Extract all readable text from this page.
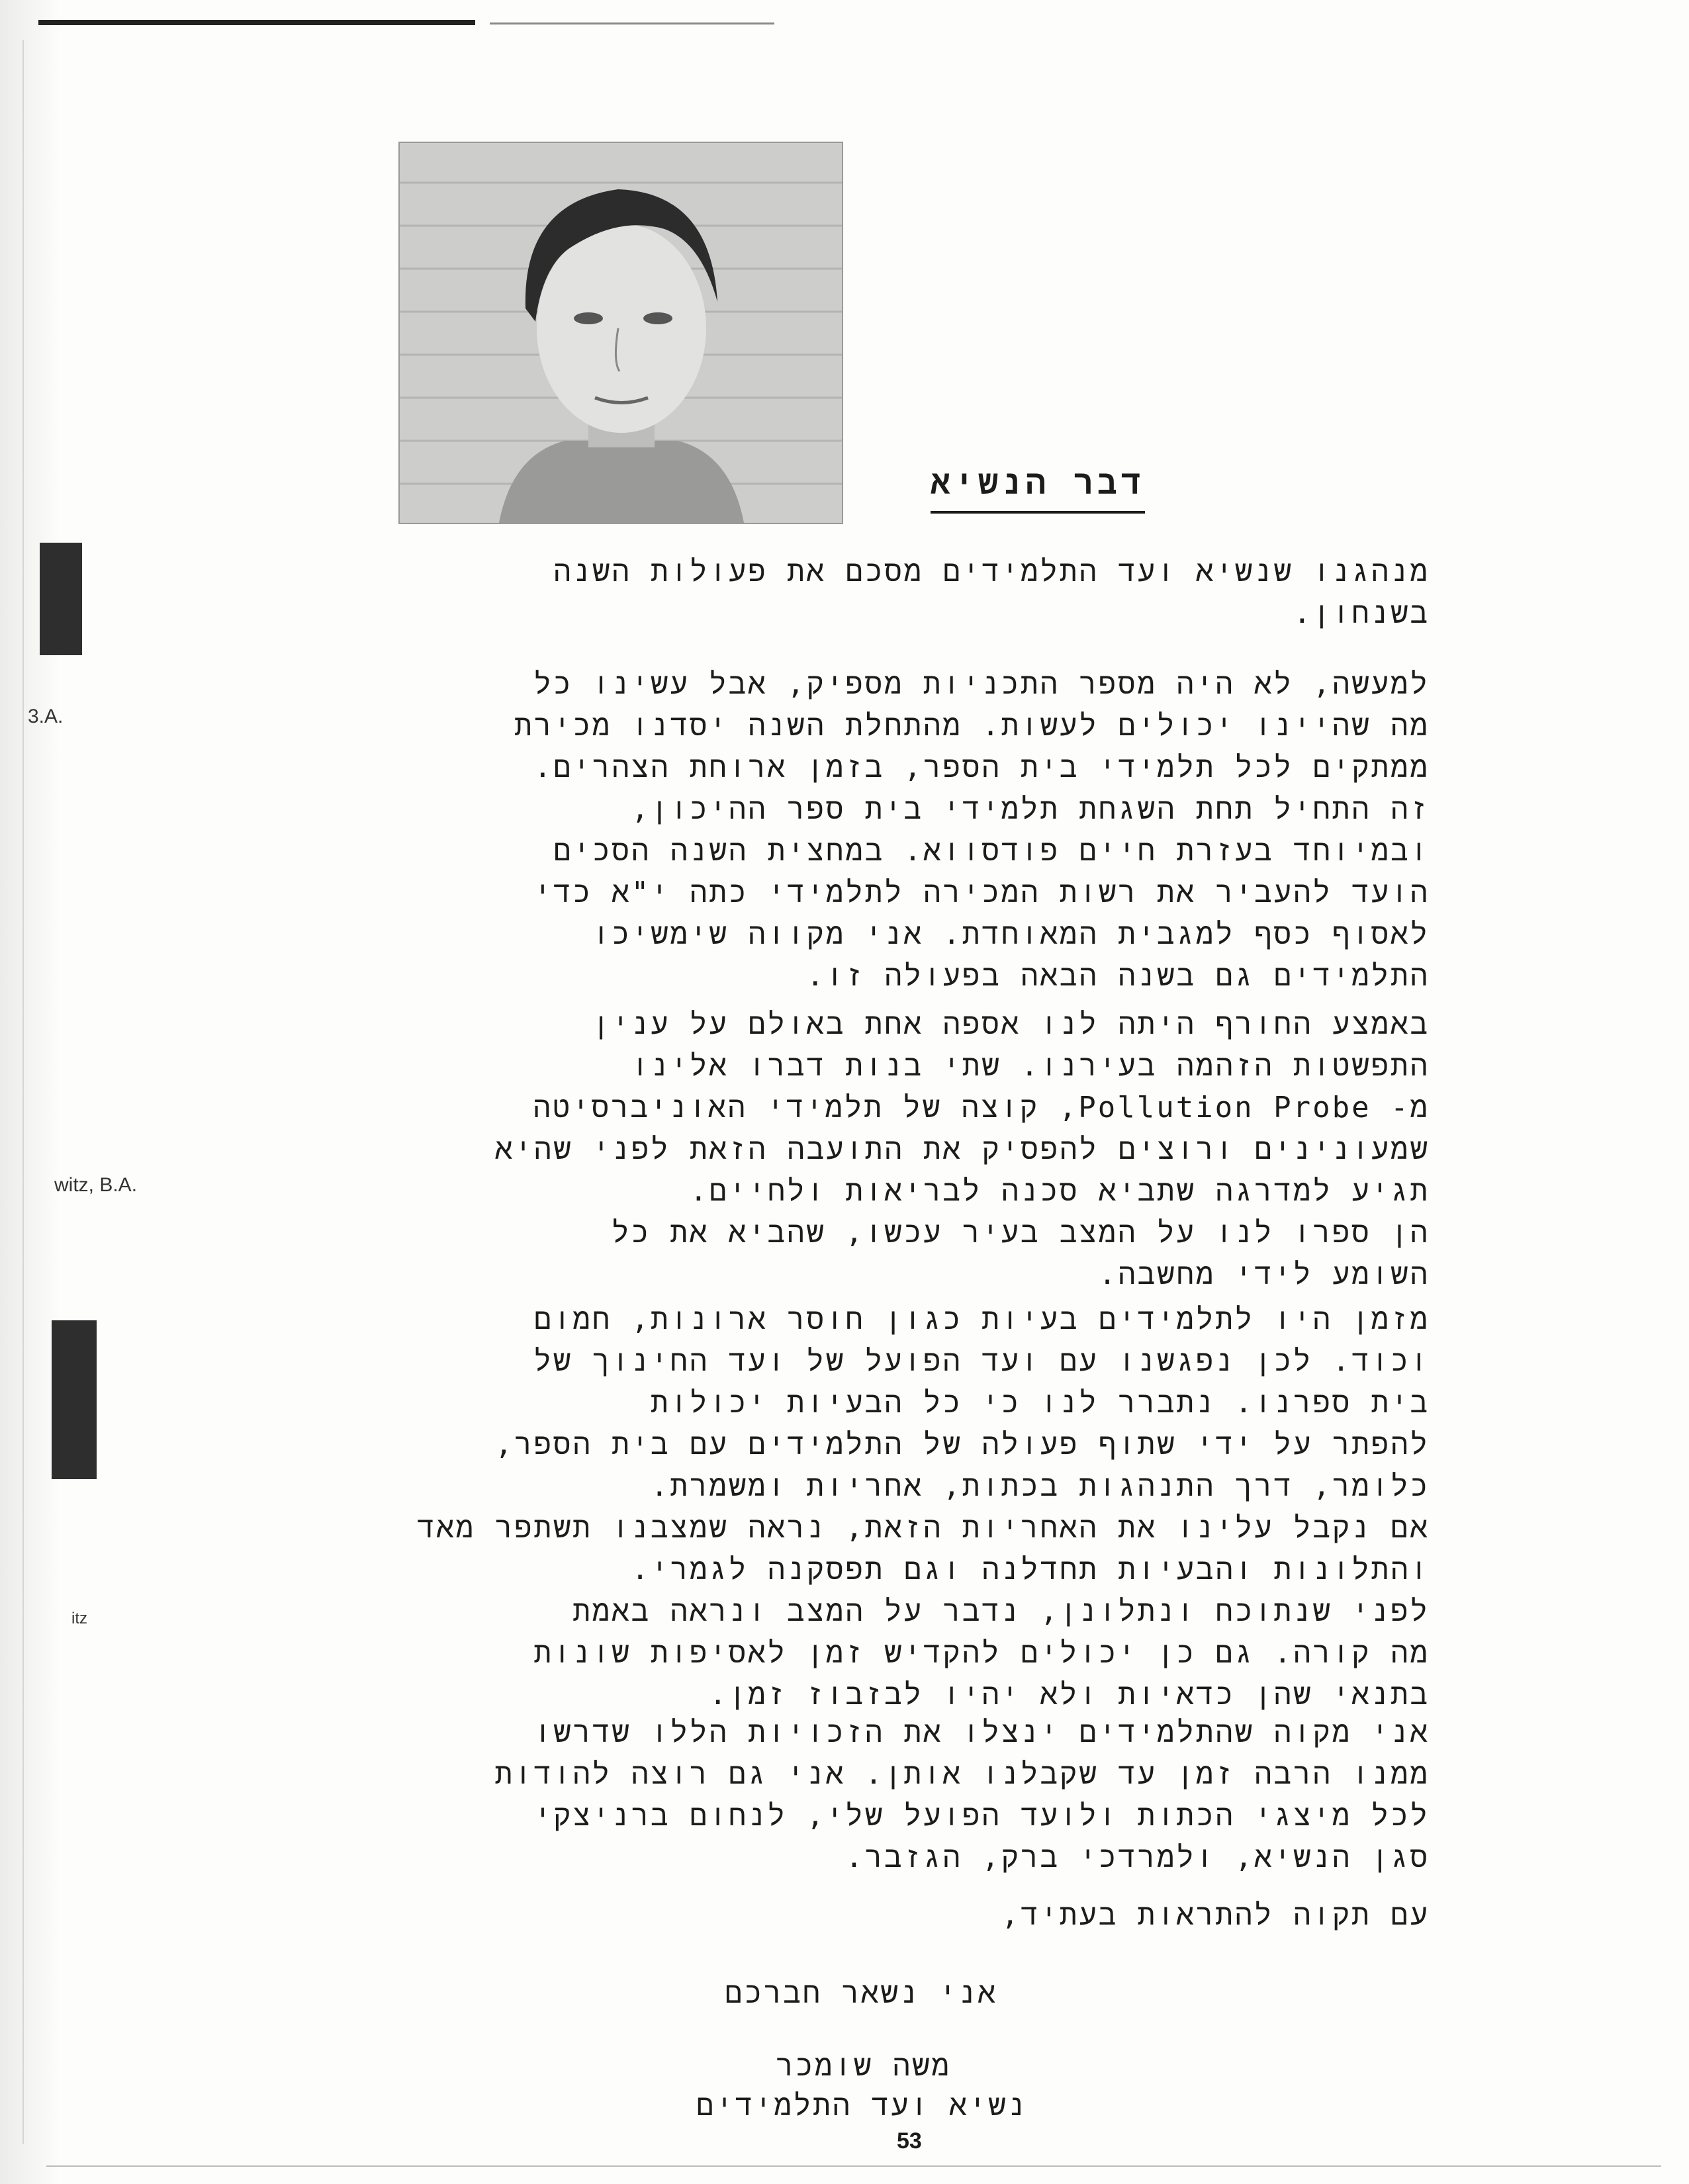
3.A.
witz, B.A.
itz
דבר הנשיא

מנהגנו שנשיא ועד התלמידים מסכם את פעולות השנה

בשנחון.

למעשה, לא היה מספר התכניות מספיק, אבל עשינו כל

מה שהיינו יכולים לעשות. מהתחלת השנה יסדנו מכירת

ממתקים לכל תלמידי בית הספר, בזמן ארוחת הצהרים.

זה התחיל תחת השגחת תלמידי בית ספר ההיכון,

ובמיוחד בעזרת חיים פודסווא. במחצית השנה הסכים

הועד להעביר את רשות המכירה לתלמידי כתה י"א כדי

לאסוף כסף למגבית המאוחדת. אני מקווה שימשיכו

התלמידים גם בשנה הבאה בפעולה זו.

באמצע החורף היתה לנו אספה אחת באולם על ענין

התפשטות הזהמה בעירנו. שתי בנות דברו אלינו

מ- Pollution Probe, קוצה של תלמידי האוניברסיטה

שמעונינים ורוצים להפסיק את התועבה הזאת לפני שהיא

תגיע למדרגה שתביא סכנה לבריאות ולחיים.

הן ספרו לנו על המצב בעיר עכשו, שהביא את כל

השומע לידי מחשבה.

מזמן היו לתלמידים בעיות כגון חוסר ארונות, חמום

וכוד. לכן נפגשנו עם ועד הפועל של ועד החינוך של

בית ספרנו. נתברר לנו כי כל הבעיות יכולות

להפתר על ידי שתוף פעולה של התלמידים עם בית הספר,

כלומר, דרך התנהגות בכתות, אחריות ומשמרת.

אם נקבל עלינו את האחריות הזאת, נראה שמצבנו תשתפר מאד

והתלונות והבעיות תחדלנה וגם תפסקנה לגמרי.

לפני שנתוכח ונתלונן, נדבר על המצב ונראה באמת

מה קורה. גם כן יכולים להקדיש זמן לאסיפות שונות

בתנאי שהן כדאיות ולא יהיו לבזבוז זמן.

אני מקוה שהתלמידים ינצלו את הזכויות הללו שדרשו

ממנו הרבה זמן עד שקבלנו אותן. אני גם רוצה להודות

לכל מיצגי הכתות ולועד הפועל שלי, לנחום ברניצקי

סגן הנשיא, ולמרדכי ברק, הגזבר.

עם תקוה להתראות בעתיד,
אני נשאר חברכם
משה שומכר
נשיא ועד התלמידים
53
